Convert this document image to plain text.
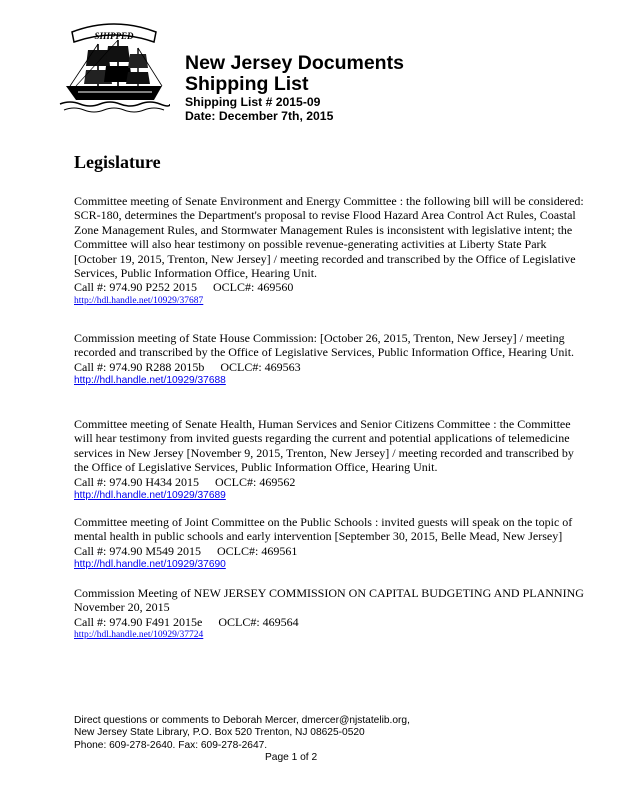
SHIPPED
New Jersey Documents
Shipping List
Shipping List # 2015-09
Date: December 7th, 2015
Legislature
Committee meeting of Senate Environment and Energy Committee : the following bill will be considered: SCR-180, determines the Department's proposal to revise Flood Hazard Area Control Act Rules, Coastal Zone Management Rules, and Stormwater Management Rules is inconsistent with legislative intent; the Committee will also hear testimony on possible revenue-generating activities at Liberty State Park [October 19, 2015, Trenton, New Jersey] / meeting recorded and transcribed by the Office of Legislative Services, Public Information Office, Hearing Unit.
Call #: 974.90 P252 2015 OCLC#: 469560
http://hdl.handle.net/10929/37687
Commission meeting of State House Commission: [October 26, 2015, Trenton, New Jersey] / meeting recorded and transcribed by the Office of Legislative Services, Public Information Office, Hearing Unit.
Call #: 974.90 R288 2015b OCLC#: 469563
http://hdl.handle.net/10929/37688
Committee meeting of Senate Health, Human Services and Senior Citizens Committee : the Committee will hear testimony from invited guests regarding the current and potential applications of telemedicine services in New Jersey [November 9, 2015, Trenton, New Jersey] / meeting recorded and transcribed by the Office of Legislative Services, Public Information Office, Hearing Unit.
Call #: 974.90 H434 2015 OCLC#: 469562
http://hdl.handle.net/10929/37689
Committee meeting of Joint Committee on the Public Schools : invited guests will speak on the topic of mental health in public schools and early intervention [September 30, 2015, Belle Mead, New Jersey]
Call #: 974.90 M549 2015 OCLC#: 469561
http://hdl.handle.net/10929/37690
Commission Meeting of NEW JERSEY COMMISSION ON CAPITAL BUDGETING AND PLANNING
November 20, 2015
Call #: 974.90 F491 2015e OCLC#: 469564
http://hdl.handle.net/10929/37724
Direct questions or comments to Deborah Mercer, dmercer@njstatelib.org,
New Jersey State Library, P.O. Box 520 Trenton, NJ 08625-0520
Phone: 609-278-2640. Fax: 609-278-2647.
Page 1 of 2
